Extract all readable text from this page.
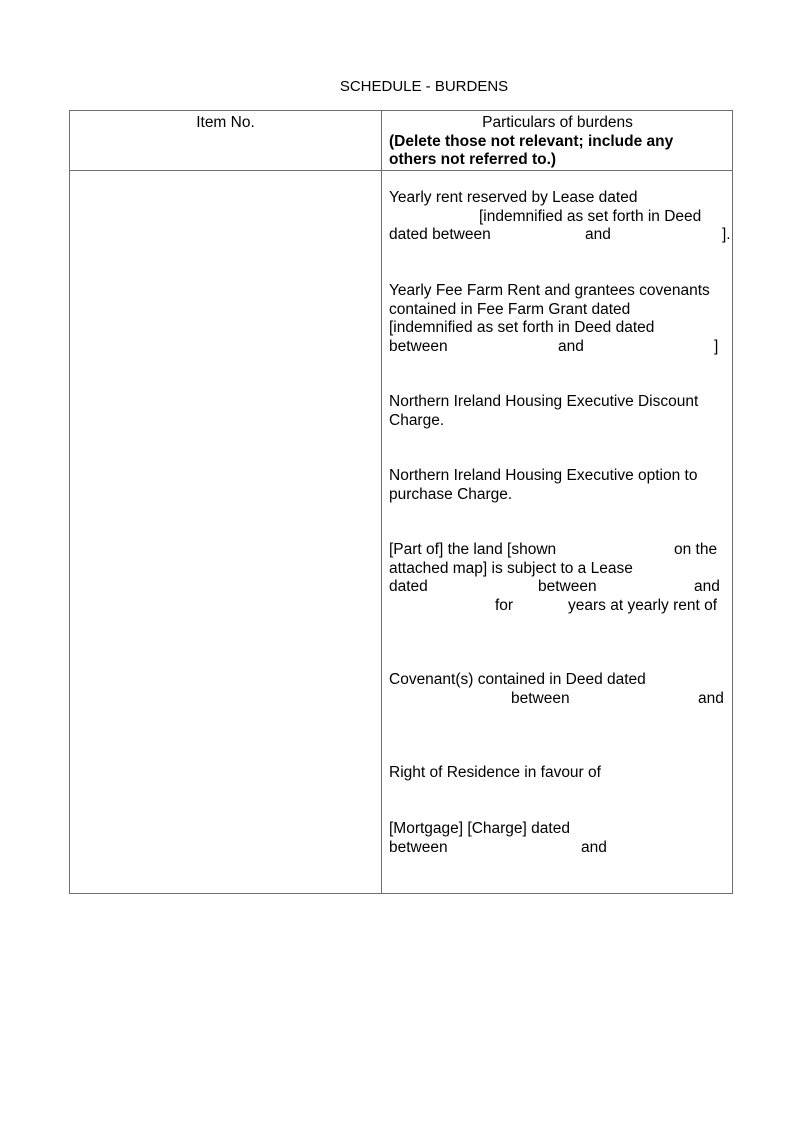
SCHEDULE - BURDENS
Item No.	Particulars of burdens
(Delete those not relevant; include any
others not referred to.)

Yearly rent reserved by Lease dated
[indemnified as set forth in Deed

dated between

	and

	].

Yearly Fee Farm Rent and grantees covenants
contained in Fee Farm Grant dated
[indemnified as set forth in Deed dated

between

	and

	]

Northern Ireland Housing Executive Discount
Charge.
Northern Ireland Housing Executive option to
purchase Charge.

[Part of] the land [shown

	on the

attached map] is subject to a Lease

dated

	between

	and

for

	years at yearly rent of

Covenant(s) contained in Deed dated

between

	and

Right of Residence in favour of
[Mortgage] [Charge] dated

between

	and
